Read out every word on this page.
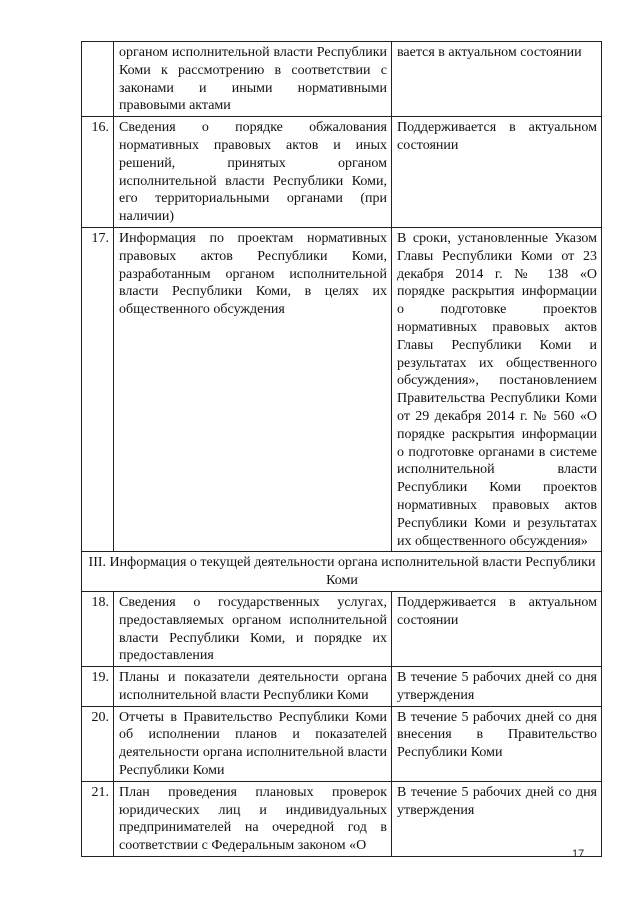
	органом исполнительной власти Республики Коми к рассмотрению в соответствии с законами и иными нормативными правовыми актами	вается в актуальном состоянии
16.	Сведения о порядке обжалования нормативных правовых актов и иных решений, принятых органом исполнительной власти Республики Коми, его территориальными органами (при наличии)	Поддерживается в актуальном состоянии
17.	Информация по проектам нормативных правовых актов Республики Коми, разработанным органом исполнительной власти Республики Коми, в целях их общественного обсуждения	В сроки, установленные Указом Главы Республики Коми от 23 декабря 2014 г. № 138 «О порядке раскрытия информации о подготовке проектов нормативных правовых актов Главы Республики Коми и результатах их общественного обсуждения», постановлением Правительства Республики Коми от 29 декабря 2014 г. № 560 «О порядке раскрытия информации о подготовке органами в системе исполнительной власти Республики Коми проектов нормативных правовых актов Республики Коми и результатах их общественного обсуждения»
III. Информация о текущей деятельности органа исполнительной власти Республики Коми		
18.	Сведения о государственных услугах, предоставляемых органом исполнительной власти Республики Коми, и порядке их предоставления	Поддерживается в актуальном состоянии
19.	Планы и показатели деятельности органа исполнительной власти Республики Коми	В течение 5 рабочих дней со дня утверждения
20.	Отчеты в Правительство Республики Коми об исполнении планов и показателей деятельности органа исполнительной власти Республики Коми	В течение 5 рабочих дней со дня внесения в Правительство Республики Коми
21.	План проведения плановых проверок юридических лиц и индивидуальных предпринимателей на очередной год в соответствии с Федеральным законом «О	В течение 5 рабочих дней со дня утверждения
17
